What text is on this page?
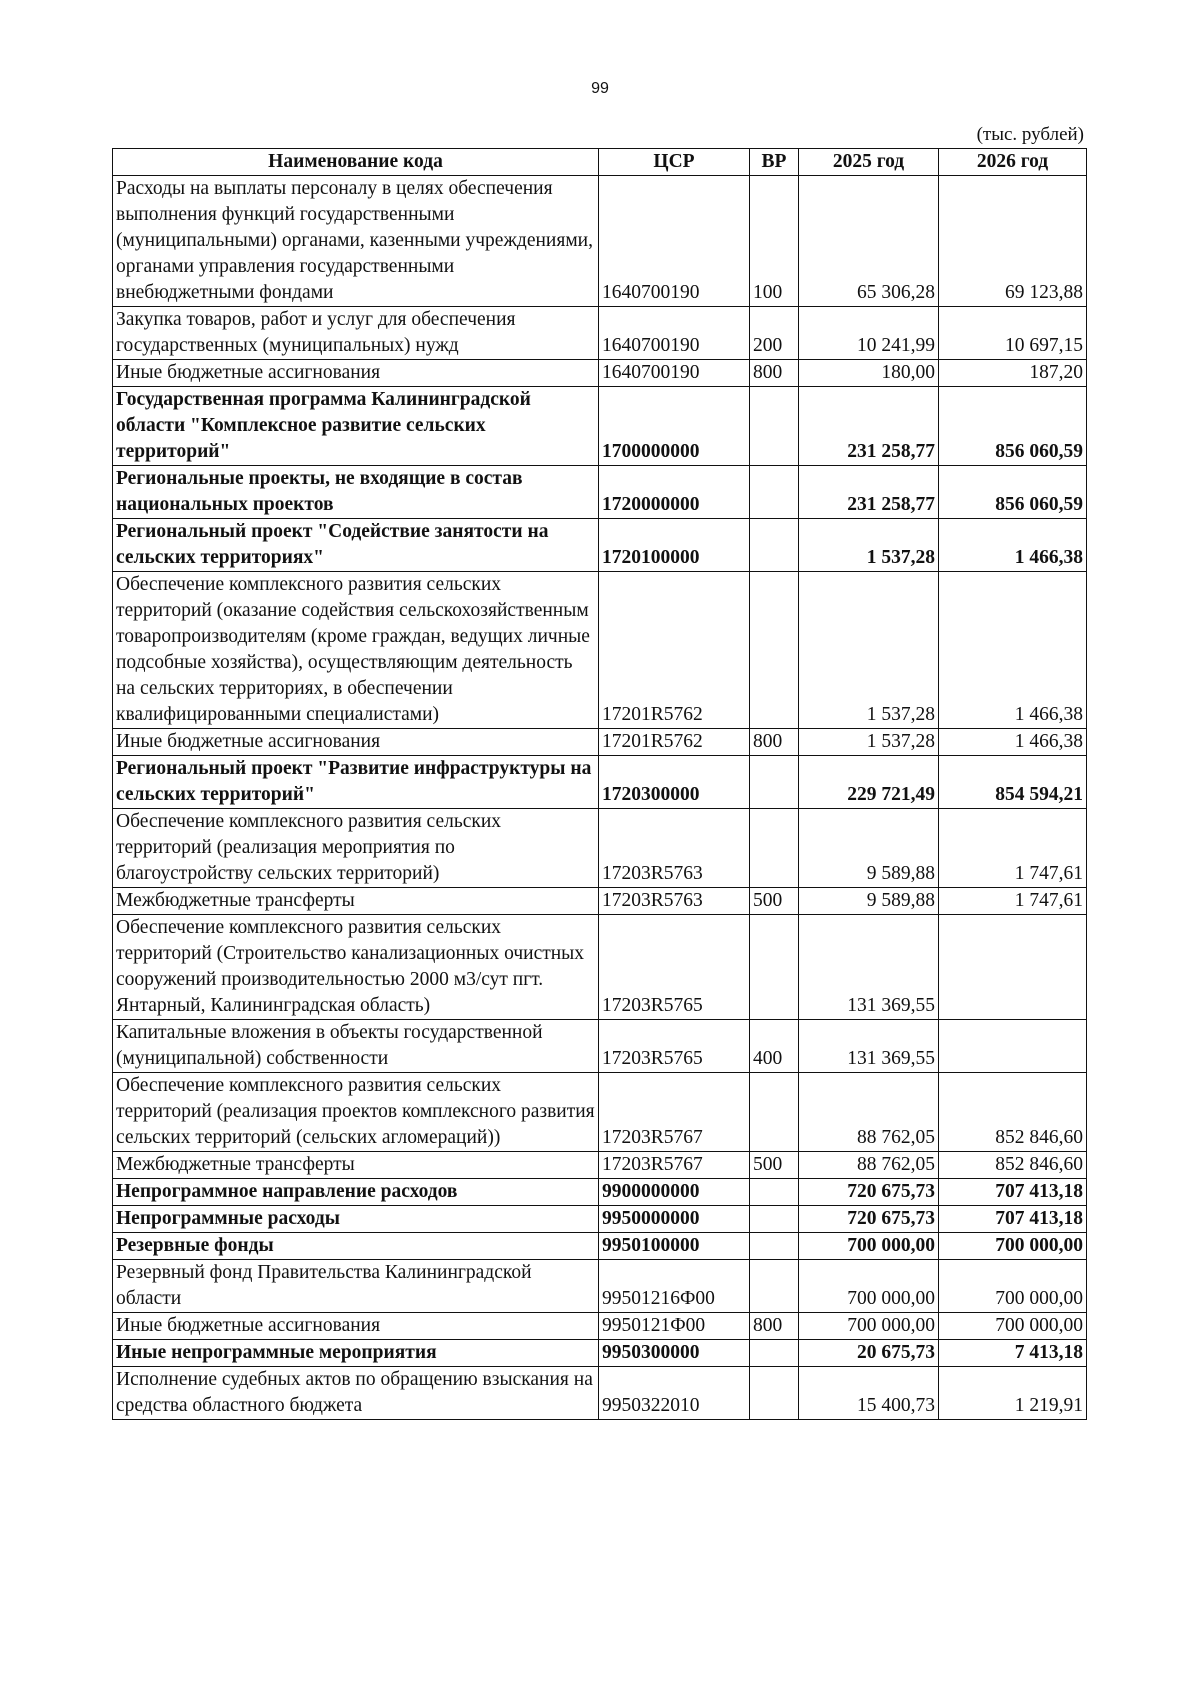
99
(тыс. рублей)
Наименование кода	ЦСР	ВР	2025 год	2026 год
Расходы на выплаты персоналу в целях обеспечения выполнения функций государственными (муниципальными) органами, казенными учреждениями, органами управления государственными внебюджетными фондами	1640700190	100	65 306,28	69 123,88
Закупка товаров, работ и услуг для обеспечения государственных (муниципальных) нужд	1640700190	200	10 241,99	10 697,15
Иные бюджетные ассигнования	1640700190	800	180,00	187,20
Государственная программа Калининградской области "Комплексное развитие сельских территорий"	1700000000		231 258,77	856 060,59
Региональные проекты, не входящие в состав национальных проектов	1720000000		231 258,77	856 060,59
Региональный проект "Содействие занятости на сельских территориях"	1720100000		1 537,28	1 466,38
Обеспечение комплексного развития сельских территорий (оказание содействия сельскохозяйственным товаропроизводителям (кроме граждан, ведущих личные подсобные хозяйства), осуществляющим деятельность на сельских территориях, в обеспечении квалифицированными специалистами)	17201R5762		1 537,28	1 466,38
Иные бюджетные ассигнования	17201R5762	800	1 537,28	1 466,38
Региональный проект "Развитие инфраструктуры на сельских территорий"	1720300000		229 721,49	854 594,21
Обеспечение комплексного развития сельских территорий (реализация мероприятия по благоустройству сельских территорий)	17203R5763		9 589,88	1 747,61
Межбюджетные трансферты	17203R5763	500	9 589,88	1 747,61
Обеспечение комплексного развития сельских территорий (Строительство канализационных очистных сооружений производительностью 2000 м3/сут пгт. Янтарный, Калининградская область)	17203R5765		131 369,55	
Капитальные вложения в объекты государственной (муниципальной) собственности	17203R5765	400	131 369,55	
Обеспечение комплексного развития сельских территорий (реализация проектов комплексного развития сельских территорий (сельских агломераций))	17203R5767		88 762,05	852 846,60
Межбюджетные трансферты	17203R5767	500	88 762,05	852 846,60
Непрограммное направление расходов	9900000000		720 675,73	707 413,18
Непрограммные расходы	9950000000		720 675,73	707 413,18
Резервные фонды	9950100000		700 000,00	700 000,00
Резервный фонд Правительства Калининградской области	99501216Ф00		700 000,00	700 000,00
Иные бюджетные ассигнования	9950121Ф00	800	700 000,00	700 000,00
Иные непрограммные мероприятия	9950300000		20 675,73	7 413,18
Исполнение судебных актов по обращению взыскания на средства областного бюджета	9950322010		15 400,73	1 219,91
